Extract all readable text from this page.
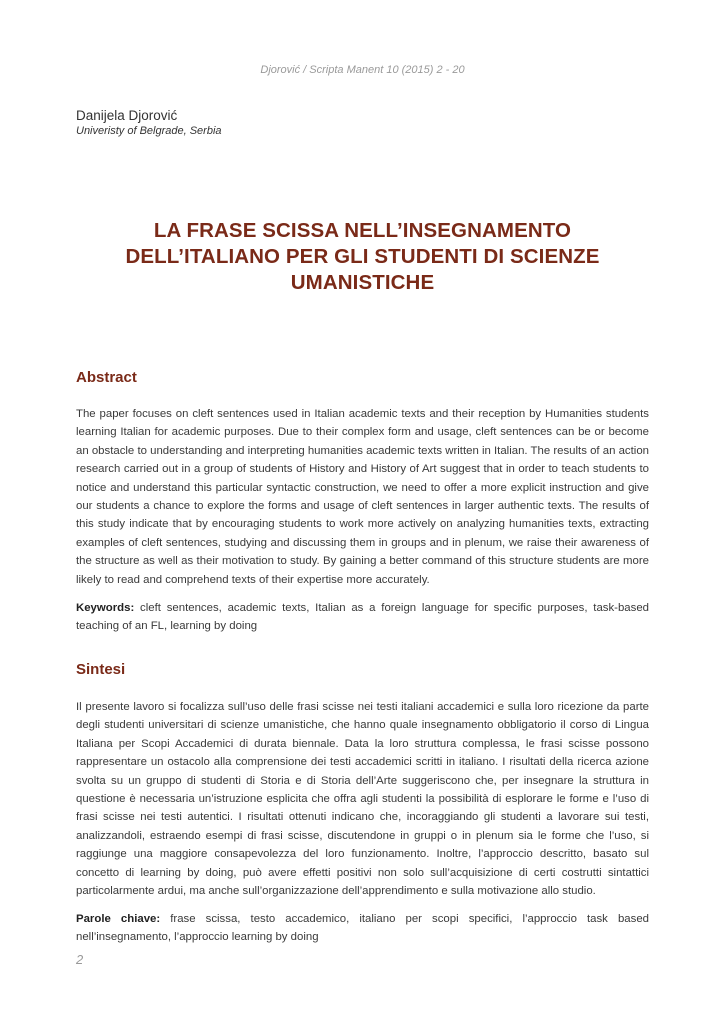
Djorović / Scripta Manent 10 (2015) 2 - 20
Danijela Djorović
Univeristy of Belgrade, Serbia
LA FRASE SCISSA NELL’INSEGNAMENTO DELL’ITALIANO PER GLI STUDENTI DI SCIENZE UMANISTICHE
Abstract
The paper focuses on cleft sentences used in Italian academic texts and their reception by Humanities students learning Italian for academic purposes. Due to their complex form and usage, cleft sentences can be or become an obstacle to understanding and interpreting humanities academic texts written in Italian. The results of an action research carried out in a group of students of History and History of Art suggest that in order to teach students to notice and understand this particular syntactic construction, we need to offer a more explicit instruction and give our students a chance to explore the forms and usage of cleft sentences in larger authentic texts. The results of this study indicate that by encouraging students to work more actively on analyzing humanities texts, extracting examples of cleft sentences, studying and discussing them in groups and in plenum, we raise their awareness of the structure as well as their motivation to study. By gaining a better command of this structure students are more likely to read and comprehend texts of their expertise more accurately.
Keywords: cleft sentences, academic texts, Italian as a foreign language for specific purposes, task-based teaching of an FL, learning by doing
Sintesi
Il presente lavoro si focalizza sull’uso delle frasi scisse nei testi italiani accademici e sulla loro ricezione da parte degli studenti universitari di scienze umanistiche, che hanno quale insegnamento obbligatorio il corso di Lingua Italiana per Scopi Accademici di durata biennale. Data la loro struttura complessa, le frasi scisse possono rappresentare un ostacolo alla comprensione dei testi accademici scritti in italiano. I risultati della ricerca azione svolta su un gruppo di studenti di Storia e di Storia dell’Arte suggeriscono che, per insegnare la struttura in questione è necessaria un’istruzione esplicita che offra agli studenti la possibilità di esplorare le forme e l’uso di frasi scisse nei testi autentici. I risultati ottenuti indicano che, incoraggiando gli studenti a lavorare sui testi, analizzandoli, estraendo esempi di frasi scisse, discutendone in gruppi o in plenum sia le forme che l’uso, si raggiunge una maggiore consapevolezza del loro funzionamento. Inoltre, l’approccio descritto, basato sul concetto di learning by doing, può avere effetti positivi non solo sull’acquisizione di certi costrutti sintattici particolarmente ardui, ma anche sull’organizzazione dell’apprendimento e sulla motivazione allo studio.
Parole chiave: frase scissa, testo accademico, italiano per scopi specifici, l’approccio task based nell’insegnamento, l’approccio learning by doing
2
